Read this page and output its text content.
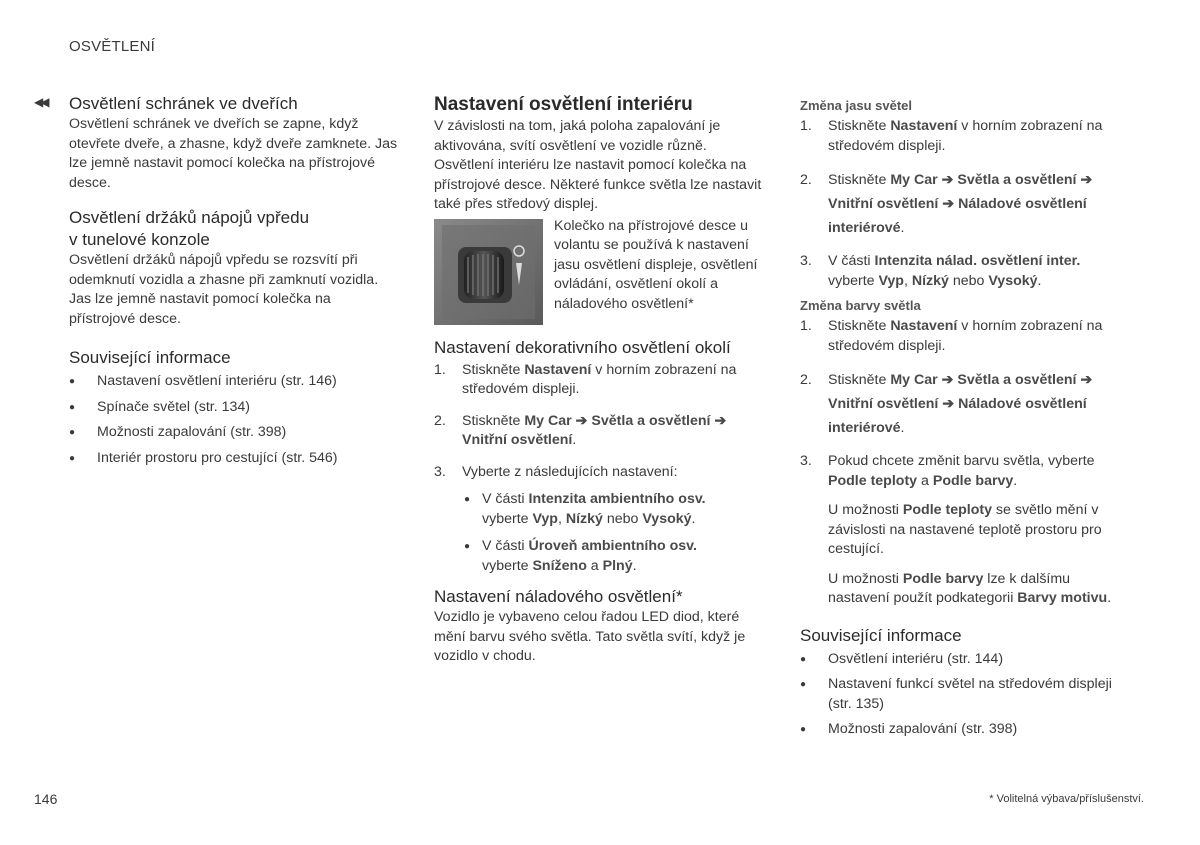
OSVĚTLENÍ
◀◀ Osvětlení schránek ve dveřích

Osvětlení schránek ve dveřích se zapne, když otevřete dveře, a zhasne, když dveře zamknete. Jas lze jemně nastavit pomocí kolečka na přístrojové desce.

Osvětlení držáků nápojů vpředu
v tunelové konzole

Osvětlení držáků nápojů vpředu se rozsvítí při odemknutí vozidla a zhasne při zamknutí vozidla. Jas lze jemně nastavit pomocí kolečka na přístrojové desce.

Související informace
● Nastavení osvětlení interiéru (str. 146)
● Spínače světel (str. 134)
● Možnosti zapalování (str. 398)
● Interiér prostoru pro cestující (str. 546)
Nastavení osvětlení interiéru

V závislosti na tom, jaká poloha zapalování je aktivována, svítí osvětlení ve vozidle různě. Osvětlení interiéru lze nastavit pomocí kolečka na přístrojové desce. Některé funkce světla lze nastavit také přes středový displej.

Kolečko na přístrojové desce u volantu se používá k nastavení jasu osvětlení displeje, osvětlení ovládání, osvětlení okolí a náladového osvětlení*
Nastavení dekorativního osvětlení okolí
1. Stiskněte Nastavení v horním zobrazení na středovém displeji.
2. Stiskněte My Car ➔ Světla a osvětlení ➔
Vnitřní osvětlení.
3. Vyberte z následujících nastavení:
● V části Intenzita ambientního osv.
vyberte Vyp, Nízký nebo Vysoký.
● V části Úroveň ambientního osv.
vyberte Sníženo a Plný.
Nastavení náladového osvětlení*

Vozidlo je vybaveno celou řadou LED diod, které mění barvu svého světla. Tato světla svítí, když je vozidlo v chodu.

Změna jasu světel
1. Stiskněte Nastavení v horním zobrazení na středovém displeji.
2. Stiskněte My Car ➔ Světla a osvětlení ➔
Vnitřní osvětlení ➔ Náladové osvětlení interiérové.
3. V části Intenzita nálad. osvětlení inter.
vyberte Vyp, Nízký nebo Vysoký.
Změna barvy světla
1. Stiskněte Nastavení v horním zobrazení na středovém displeji.
2. Stiskněte My Car ➔ Světla a osvětlení ➔
Vnitřní osvětlení ➔ Náladové osvětlení interiérové.
3. Pokud chcete změnit barvu světla, vyberte Podle teploty a Podle barvy.

U možnosti Podle teploty se světlo mění v závislosti na nastavené teplotě prostoru pro cestující.

U možnosti Podle barvy lze k dalšímu nastavení použít podkategorii Barvy motivu.

Související informace
● Osvětlení interiéru (str. 144)
● Nastavení funkcí světel na středovém displeji (str. 135)
● Možnosti zapalování (str. 398)
146	* Volitelná výbava/příslušenství.
